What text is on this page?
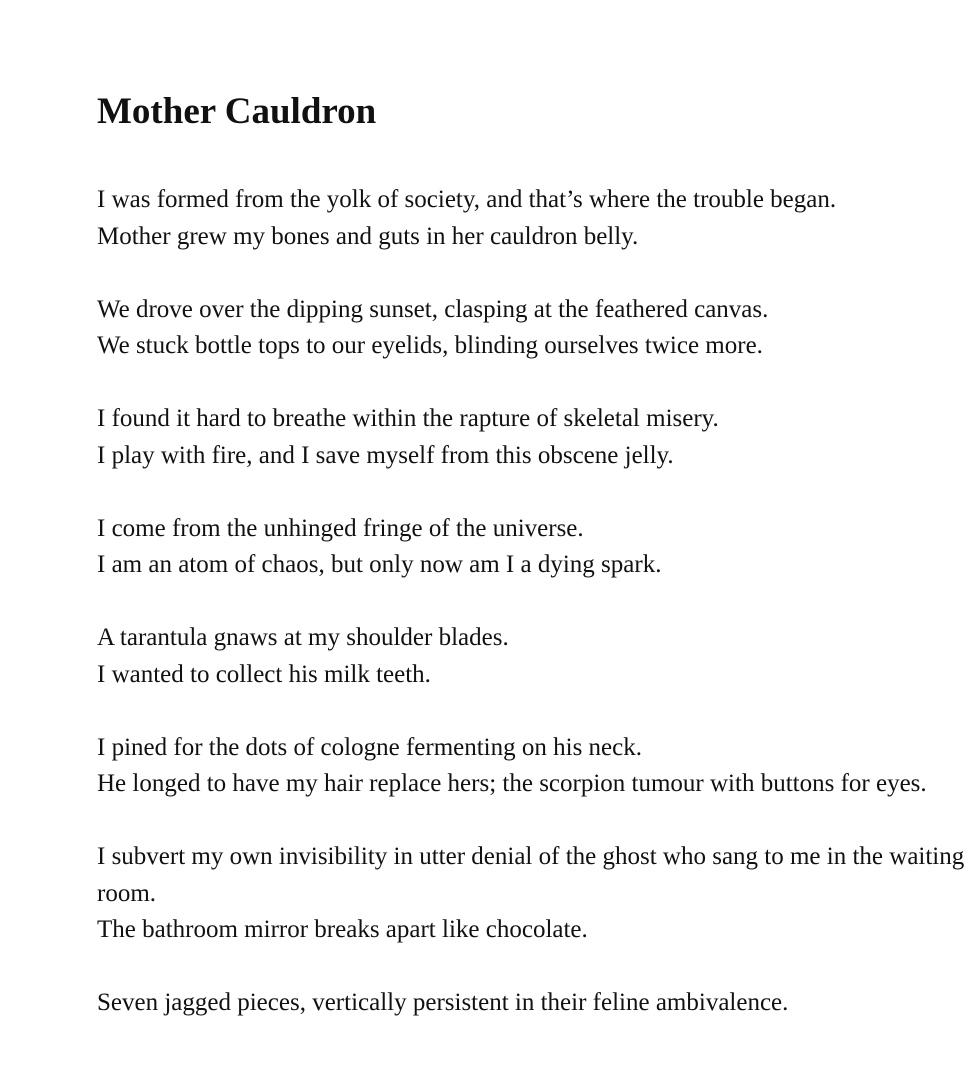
Mother Cauldron
I was formed from the yolk of society, and that’s where the trouble began.
Mother grew my bones and guts in her cauldron belly.
We drove over the dipping sunset, clasping at the feathered canvas.
We stuck bottle tops to our eyelids, blinding ourselves twice more.
I found it hard to breathe within the rapture of skeletal misery.
I play with fire, and I save myself from this obscene jelly.
I come from the unhinged fringe of the universe.
I am an atom of chaos, but only now am I a dying spark.
A tarantula gnaws at my shoulder blades.
I wanted to collect his milk teeth.
I pined for the dots of cologne fermenting on his neck.
He longed to have my hair replace hers; the scorpion tumour with buttons for eyes.
I subvert my own invisibility in utter denial of the ghost who sang to me in the waiting room.
The bathroom mirror breaks apart like chocolate.
Seven jagged pieces, vertically persistent in their feline ambivalence.
